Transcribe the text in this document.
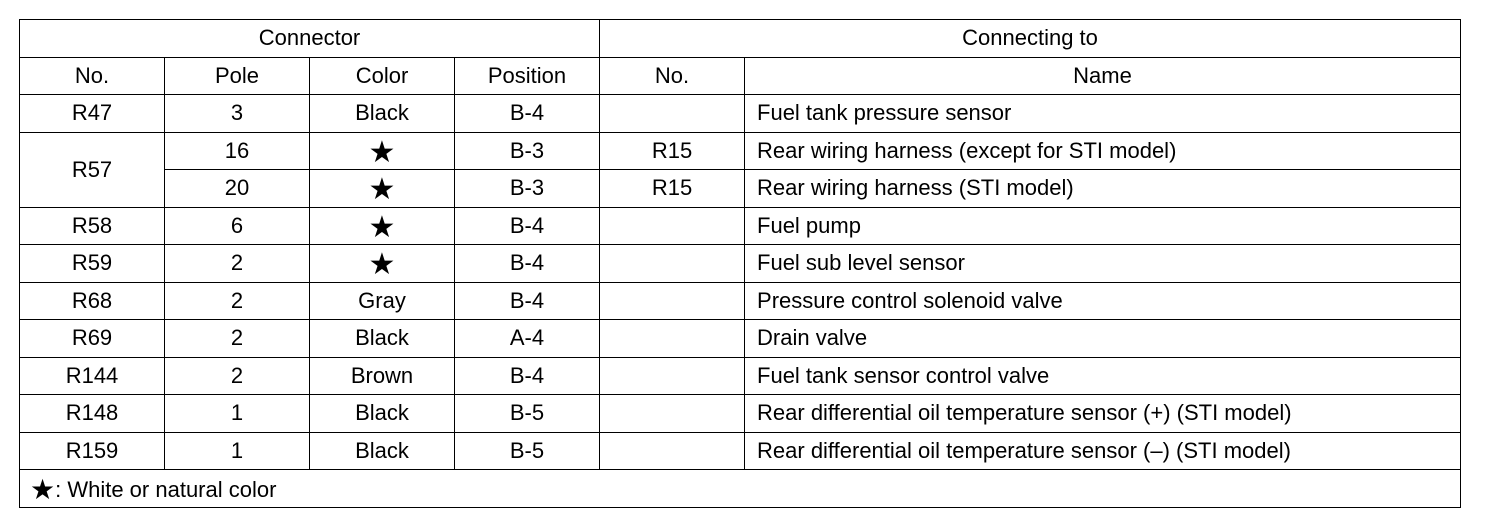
Connector				Connecting to	
No.	Pole	Color	Position	No.	Name
R47	3	Black	B-4		Fuel tank pressure sensor
R57	16	★	B-3	R15	Rear wiring harness (except for STI model)
	20	★	B-3	R15	Rear wiring harness (STI model)
R58	6	★	B-4		Fuel pump
R59	2	★	B-4		Fuel sub level sensor
R68	2	Gray	B-4		Pressure control solenoid valve
R69	2	Black	A-4		Drain valve
R144	2	Brown	B-4		Fuel tank sensor control valve
R148	1	Black	B-5		Rear differential oil temperature sensor (+) (STI model)
R159	1	Black	B-5		Rear differential oil temperature sensor (–) (STI model)
★: White or natural color					
